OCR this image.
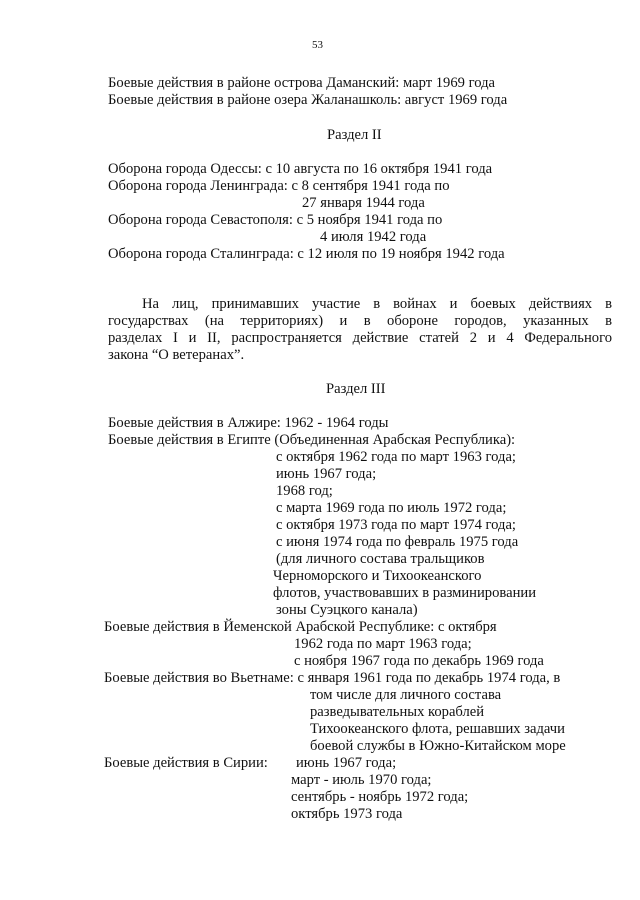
53
Боевые действия в районе острова Даманский: март 1969 года
Боевые действия в районе озера Жаланашколь: август 1969 года
Раздел II
Оборона города Одессы: с 10 августа по 16 октября 1941 года
Оборона города Ленинграда: с 8 сентября 1941 года по
27 января 1944 года
Оборона города Севастополя: с 5 ноября 1941 года по
4 июля 1942 года
Оборона города Сталинграда: с 12 июля по 19 ноября 1942 года
На лиц, принимавших участие в войнах и боевых действиях в
государствах (на территориях) и в обороне городов, указанных в
разделах I и II, распространяется действие статей 2 и 4 Федерального
закона “О ветеранах”.
Раздел III
Боевые действия в Алжире: 1962 - 1964 годы
Боевые действия в Египте (Объединенная Арабская Республика):
с октября 1962 года по март 1963 года;
июнь 1967 года;
1968 год;
с марта 1969 года по июль 1972 года;
с октября 1973 года по март 1974 года;
с июня 1974 года по февраль 1975 года
(для личного состава тральщиков
Черноморского и Тихоокеанского
флотов, участвовавших в разминировании
зоны Суэцкого канала)
Боевые действия в Йеменской Арабской Республике: с октября
1962 года по март 1963 года;
с ноября 1967 года по декабрь 1969 года
Боевые действия во Вьетнаме: с января 1961 года по декабрь 1974 года, в
том числе для личного состава
разведывательных кораблей
Тихоокеанского флота, решавших задачи
боевой службы в Южно-Китайском море
Боевые действия в Сирии: июнь 1967 года;
март - июль 1970 года;
сентябрь - ноябрь 1972 года;
октябрь 1973 года
